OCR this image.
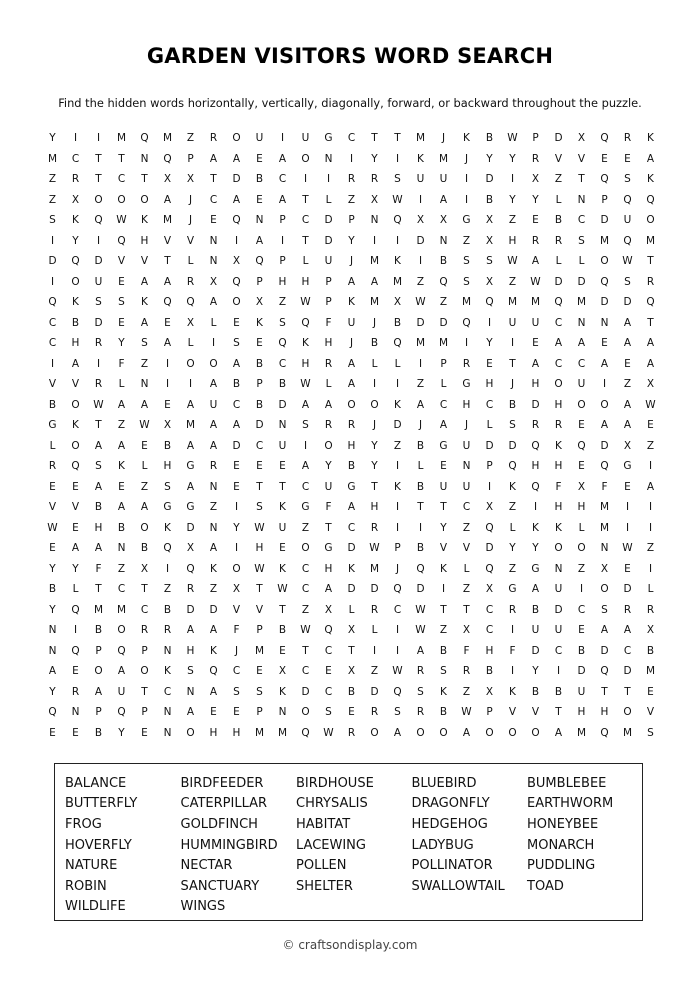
GARDEN VISITORS WORD SEARCH
Find the hidden words horizontally, vertically, diagonally, forward, or backward throughout the puzzle.
Y	I	I	M	Q	M	Z	R	O	U	I	U	G	C	T	T	M	J	K	B	W	P	D	X	Q	R	K
M	C	T	T	N	Q	P	A	A	E	A	O	N	I	Y	I	K	M	J	Y	Y	R	V	V	E	E	A
Z	R	T	C	T	X	X	T	D	B	C	I	I	R	R	S	U	U	I	D	I	X	Z	T	Q	S	K
Z	X	O	O	O	A	J	C	A	E	A	T	L	Z	X	W	I	A	I	B	Y	Y	L	N	P	Q	Q
S	K	Q	W	K	M	J	E	Q	N	P	C	D	P	N	Q	X	X	G	X	Z	E	B	C	D	U	O
I	Y	I	Q	H	V	V	N	I	A	I	T	D	Y	I	I	D	N	Z	X	H	R	R	S	M	Q	M
D	Q	D	V	V	T	L	N	X	Q	P	L	U	J	M	K	I	B	S	S	W	A	L	L	O	W	T
I	O	U	E	A	A	R	X	Q	P	H	H	P	A	A	M	Z	Q	S	X	Z	W	D	D	Q	S	R
Q	K	S	S	K	Q	Q	A	O	X	Z	W	P	K	M	X	W	Z	M	Q	M	M	Q	M	D	D	Q
C	B	D	E	A	E	X	L	E	K	S	Q	F	U	J	B	D	D	Q	I	U	U	C	N	N	A	T
C	H	R	Y	S	A	L	I	S	E	Q	K	H	J	B	Q	M	M	I	Y	I	E	A	A	E	A	A
I	A	I	F	Z	I	O	O	A	B	C	H	R	A	L	L	I	P	R	E	T	A	C	C	A	E	A
V	V	R	L	N	I	I	A	B	P	B	W	L	A	I	I	Z	L	G	H	J	H	O	U	I	Z	X
B	O	W	A	A	E	A	U	C	B	D	A	A	O	O	K	A	C	H	C	B	D	H	O	O	A	W
G	K	T	Z	W	X	M	A	A	D	N	S	R	R	J	D	J	A	J	L	S	R	R	E	A	A	E
L	O	A	A	E	B	A	A	D	C	U	I	O	H	Y	Z	B	G	U	D	D	Q	K	Q	D	X	Z
R	Q	S	K	L	H	G	R	E	E	E	A	Y	B	Y	I	L	E	N	P	Q	H	H	E	Q	G	I
E	E	A	E	Z	S	A	N	E	T	T	C	U	G	T	K	B	U	U	I	K	Q	F	X	F	E	A
V	V	B	A	A	G	G	Z	I	S	K	G	F	A	H	I	T	T	C	X	Z	I	H	H	M	I	I
W	E	H	B	O	K	D	N	Y	W	U	Z	T	C	R	I	I	Y	Z	Q	L	K	K	L	M	I	I
E	A	A	N	B	Q	X	A	I	H	E	O	G	D	W	P	B	V	V	D	Y	Y	O	O	N	W	Z
Y	Y	F	Z	X	I	Q	K	O	W	K	C	H	K	M	J	Q	K	L	Q	Z	G	N	Z	X	E	I
B	L	T	C	T	Z	R	Z	X	T	W	C	A	D	D	Q	D	I	Z	X	G	A	U	I	O	D	L
Y	Q	M	M	C	B	D	D	V	V	T	Z	X	L	R	C	W	T	T	C	R	B	D	C	S	R	R
N	I	B	O	R	R	A	A	F	P	B	W	Q	X	L	I	W	Z	X	C	I	U	U	E	A	A	X
N	Q	P	Q	P	N	H	K	J	M	E	T	C	T	I	I	A	B	F	H	F	D	C	B	D	C	B
A	E	O	A	O	K	S	Q	C	E	X	C	E	X	Z	W	R	S	R	B	I	Y	I	D	Q	D	M
Y	R	A	U	T	C	N	A	S	S	K	D	C	B	D	Q	S	K	Z	X	K	B	B	U	T	T	E
Q	N	P	Q	P	N	A	E	E	P	N	O	S	E	R	S	R	B	W	P	V	V	T	H	H	O	V
E	E	B	Y	E	N	O	H	H	M	M	Q	W	R	O	A	O	O	A	O	O	O	A	M	Q	M	S
BALANCE	BIRDFEEDER	BIRDHOUSE	BLUEBIRD	BUMBLEBEE
BUTTERFLY	CATERPILLAR	CHRYSALIS	DRAGONFLY	EARTHWORM
FROG	GOLDFINCH	HABITAT	HEDGEHOG	HONEYBEE
HOVERFLY	HUMMINGBIRD	LACEWING	LADYBUG	MONARCH
NATURE	NECTAR	POLLEN	POLLINATOR	PUDDLING
ROBIN	SANCTUARY	SHELTER	SWALLOWTAIL	TOAD
WILDLIFE	WINGS
© craftsondisplay.com
